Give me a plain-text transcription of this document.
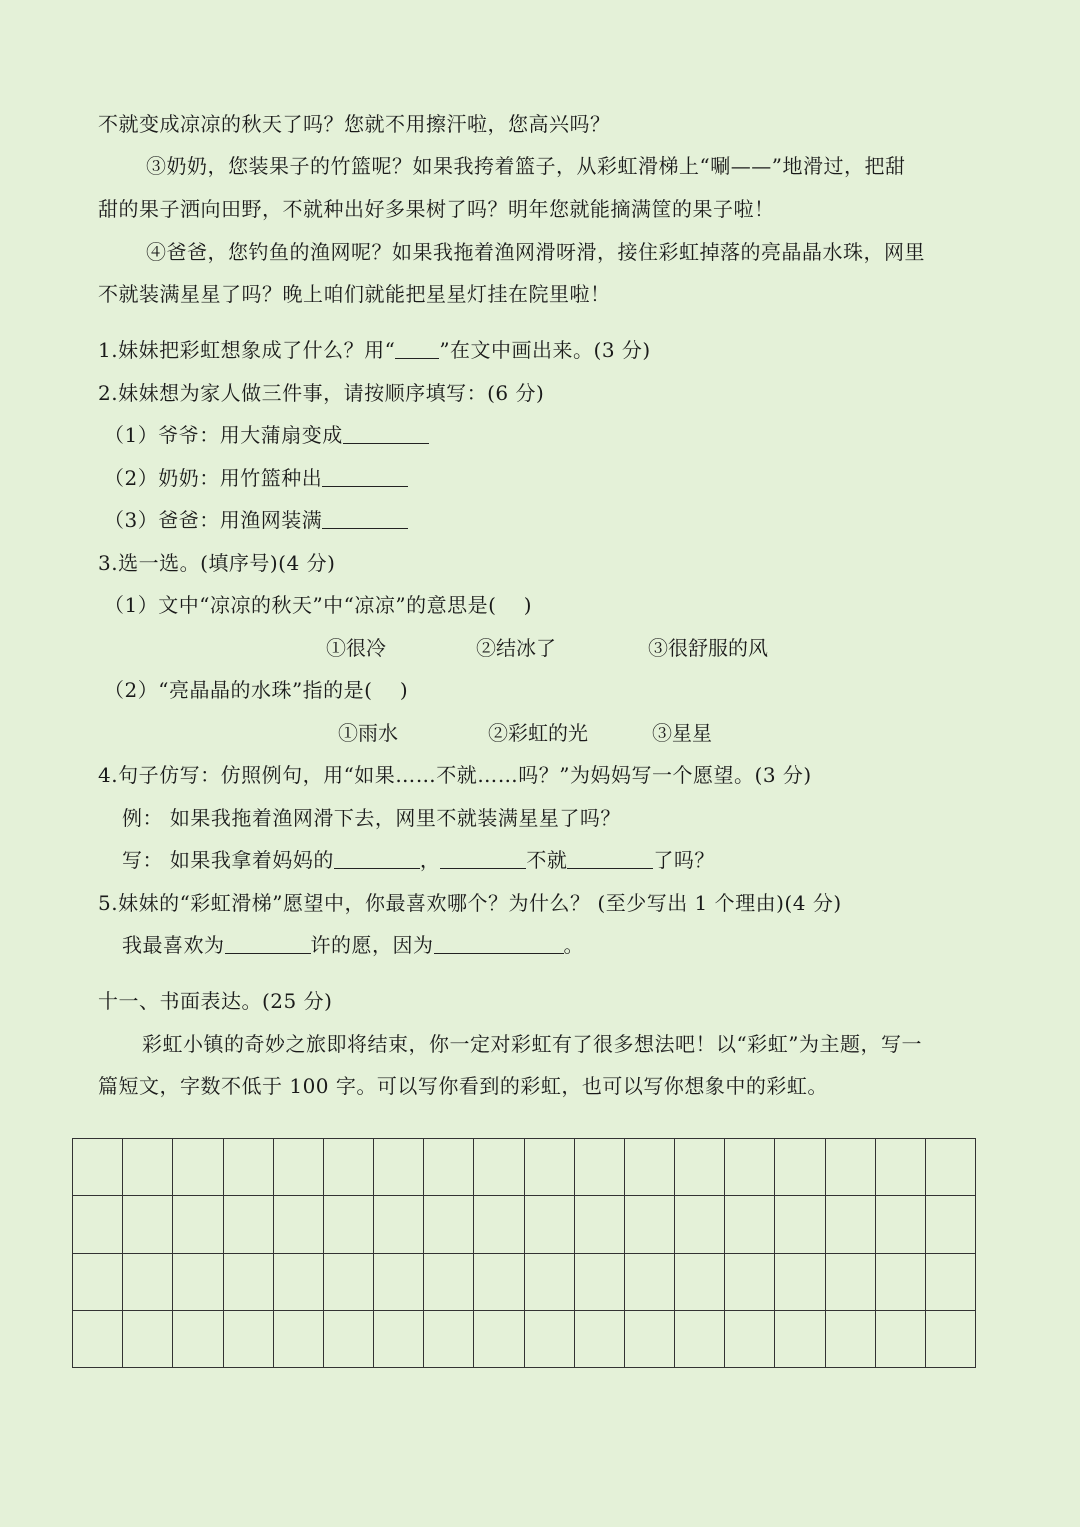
不就变成凉凉的秋天了吗？您就不用擦汗啦，您高兴吗？
③奶奶，您装果子的竹篮呢？如果我挎着篮子，从彩虹滑梯上“唰——”地滑过，把甜
甜的果子洒向田野，不就种出好多果树了吗？明年您就能摘满筐的果子啦！
④爸爸，您钓鱼的渔网呢？如果我拖着渔网滑呀滑，接住彩虹掉落的亮晶晶水珠，网里
不就装满星星了吗？晚上咱们就能把星星灯挂在院里啦！
1.妹妹把彩虹想象成了什么？用“ ”在文中画出来。(3 分)
2.妹妹想为家人做三件事，请按顺序填写：(6 分)
（1）爷爷：用大蒲扇变成
（2）奶奶：用竹篮种出
（3）爸爸：用渔网装满
3.选一选。(填序号)(4 分)
（1）文中“凉凉的秋天”中“凉凉”的意思是(　 )
①很冷	②结冰了	③很舒服的风
（2）“亮晶晶的水珠”指的是(　 )
①雨水	②彩虹的光	③星星
4.句子仿写：仿照例句，用“如果……不就……吗？”为妈妈写一个愿望。(3 分)
例： 如果我拖着渔网滑下去，网里不就装满星星了吗？
写： 如果我拿着妈妈的	，	不就	了吗？
5.妹妹的“彩虹滑梯”愿望中，你最喜欢哪个？为什么？ (至少写出 1 个理由)(4 分)
我最喜欢为	许的愿，因为	。
十一、书面表达。(25 分)
彩虹小镇的奇妙之旅即将结束，你一定对彩虹有了很多想法吧！以“彩虹”为主题，写一
篇短文，字数不低于 100 字。可以写你看到的彩虹，也可以写你想象中的彩虹。
